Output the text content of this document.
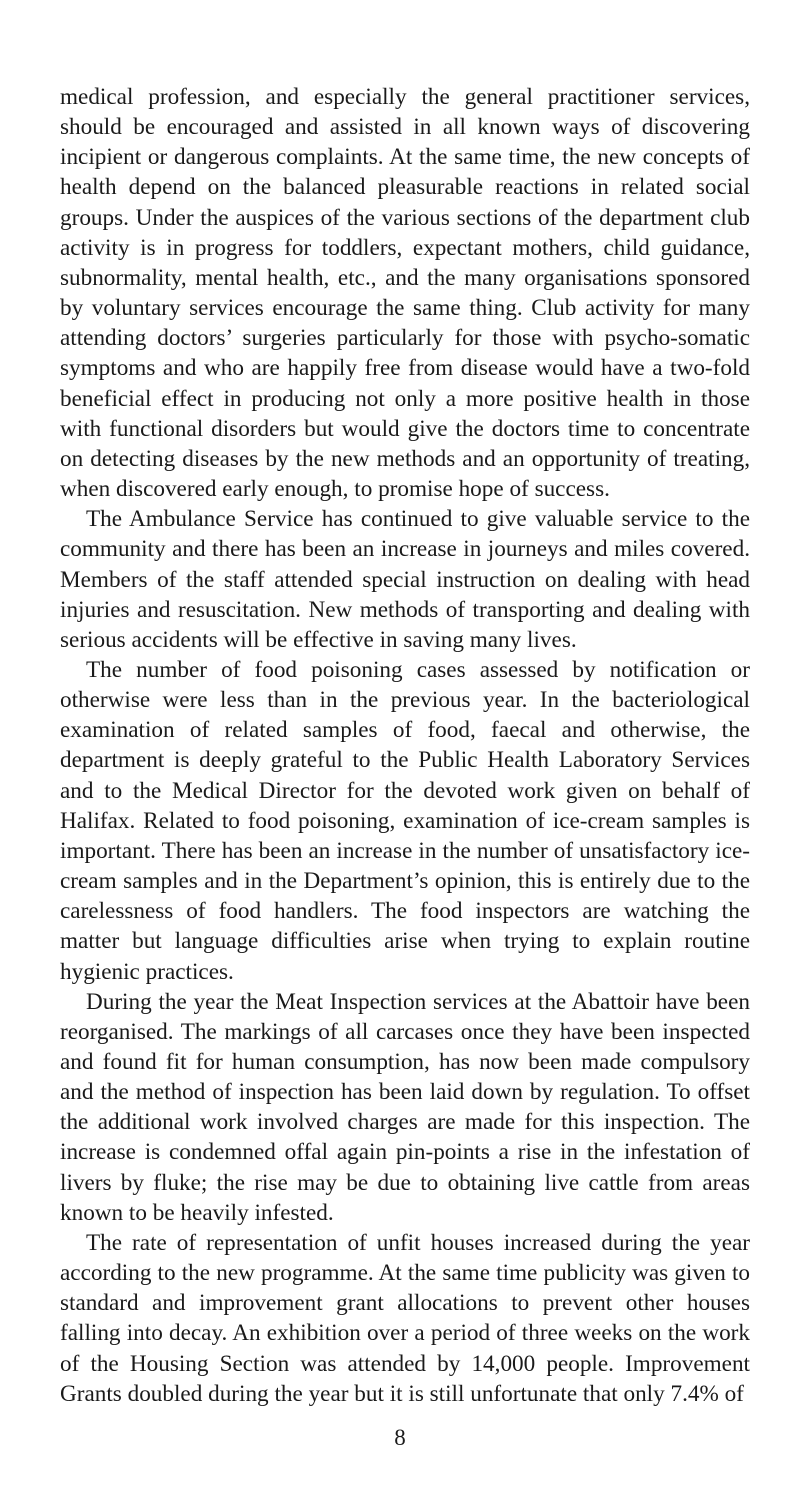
medical profession, and especially the general practitioner services, should be encouraged and assisted in all known ways of discovering incipient or dangerous complaints. At the same time, the new concepts of health depend on the balanced pleasurable reactions in related social groups. Under the auspices of the various sections of the department club activity is in progress for toddlers, expectant mothers, child guidance, subnormality, mental health, etc., and the many organisations sponsored by voluntary services encourage the same thing. Club activity for many attending doctors’ surgeries particularly for those with psycho-somatic symptoms and who are happily free from disease would have a two-fold beneficial effect in producing not only a more positive health in those with functional disorders but would give the doctors time to concentrate on detecting diseases by the new methods and an opportunity of treating, when discovered early enough, to promise hope of success.

The Ambulance Service has continued to give valuable service to the community and there has been an increase in journeys and miles covered. Members of the staff attended special instruction on dealing with head injuries and resuscitation. New methods of transporting and dealing with serious accidents will be effective in saving many lives.

The number of food poisoning cases assessed by notification or otherwise were less than in the previous year. In the bacteriological examination of related samples of food, faecal and otherwise, the department is deeply grateful to the Public Health Laboratory Services and to the Medical Director for the devoted work given on behalf of Halifax. Related to food poisoning, examination of ice-cream samples is important. There has been an increase in the number of unsatisfactory ice-cream samples and in the Department’s opinion, this is entirely due to the carelessness of food handlers. The food inspectors are watching the matter but language difficulties arise when trying to explain routine hygienic practices.

During the year the Meat Inspection services at the Abattoir have been reorganised. The markings of all carcases once they have been inspected and found fit for human consumption, has now been made compulsory and the method of inspection has been laid down by regulation. To offset the additional work involved charges are made for this inspection. The increase is condemned offal again pin-points a rise in the infestation of livers by fluke; the rise may be due to obtaining live cattle from areas known to be heavily infested.

The rate of representation of unfit houses increased during the year according to the new programme. At the same time publicity was given to standard and improvement grant allocations to prevent other houses falling into decay. An exhibition over a period of three weeks on the work of the Housing Section was attended by 14,000 people. Improvement Grants doubled during the year but it is still unfortunate that only 7.4% of

8
